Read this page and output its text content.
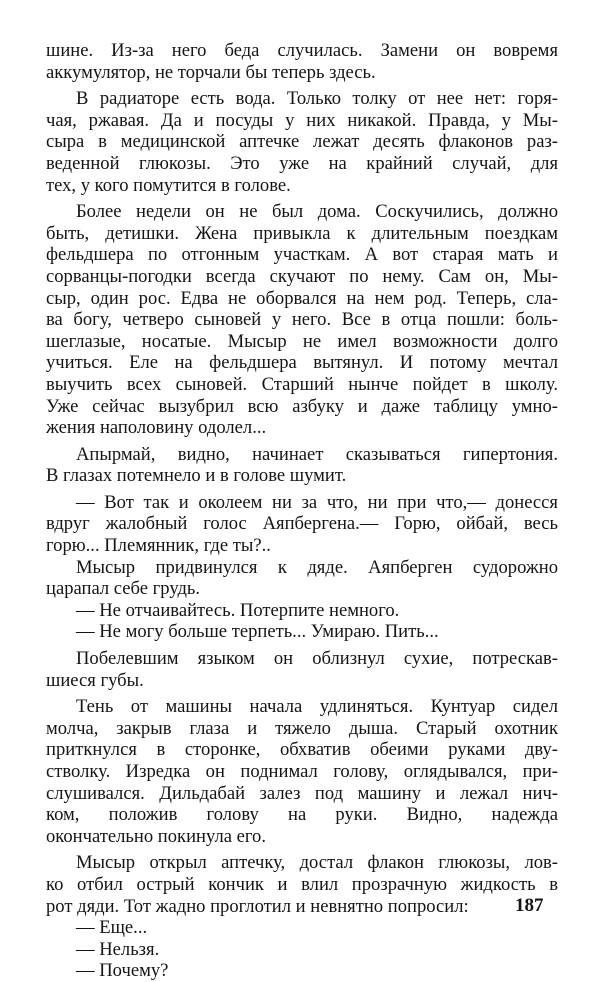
шине. Из-за него беда случилась. Замени он вовремя
аккумулятор, не торчали бы теперь здесь.
В радиаторе есть вода. Только толку от нее нет: горя-
чая, ржавая. Да и посуды у них никакой. Правда, у Мы-
сыра в медицинской аптечке лежат десять флаконов раз-
веденной глюкозы. Это уже на крайний случай, для
тех, у кого помутится в голове.
Более недели он не был дома. Соскучились, должно
быть, детишки. Жена привыкла к длительным поездкам
фельдшера по отгонным участкам. А вот старая мать и
сорванцы-погодки всегда скучают по нему. Сам он, Мы-
сыр, один рос. Едва не оборвался на нем род. Теперь, сла-
ва богу, четверо сыновей у него. Все в отца пошли: боль-
шеглазые, носатые. Мысыр не имел возможности долго
учиться. Еле на фельдшера вытянул. И потому мечтал
выучить всех сыновей. Старший нынче пойдет в школу.
Уже сейчас вызубрил всю азбуку и даже таблицу умно-
жения наполовину одолел...
Апырмай, видно, начинает сказываться гипертония.
В глазах потемнело и в голове шумит.
— Вот так и околеем ни за что, ни при что,— донесся
вдруг жалобный голос Аяпбергена.— Горю, ойбай, весь
горю... Племянник, где ты?..
Мысыр придвинулся к дяде. Аяпберген судорожно
царапал себе грудь.
— Не отчаивайтесь. Потерпите немного.
— Не могу больше терпеть... Умираю. Пить...
Побелевшим языком он облизнул сухие, потрескав-
шиеся губы.
Тень от машины начала удлиняться. Кунтуар сидел
молча, закрыв глаза и тяжело дыша. Старый охотник
приткнулся в сторонке, обхватив обеими руками дву-
стволку. Изредка он поднимал голову, оглядывался, при-
слушивался. Дильдабай залез под машину и лежал нич-
ком, положив голову на руки. Видно, надежда
окончательно покинула его.
Мысыр открыл аптечку, достал флакон глюкозы, лов-
ко отбил острый кончик и влил прозрачную жидкость в
рот дяди. Тот жадно проглотил и невнятно попросил:
— Еще...
— Нельзя.
— Почему?
187
